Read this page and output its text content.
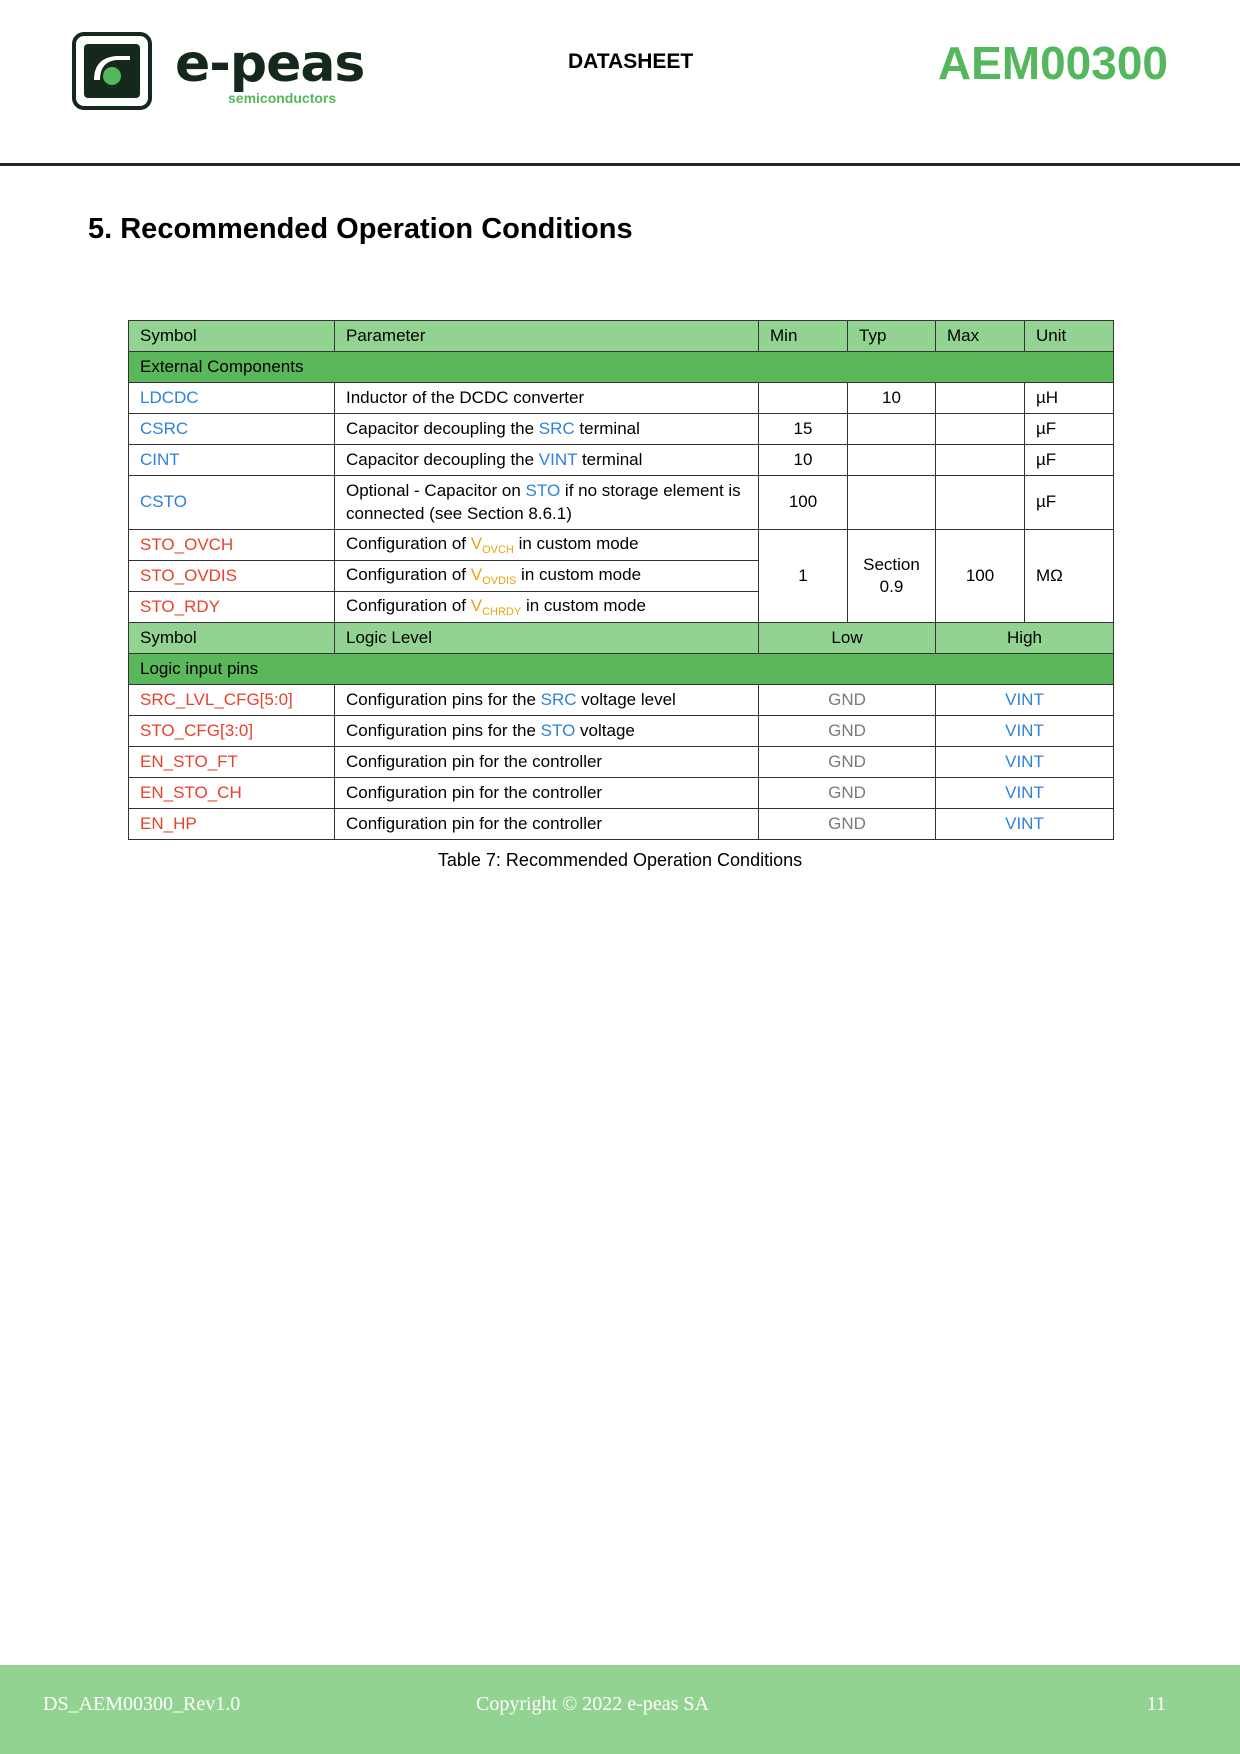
e-peas
semiconductors
DATASHEET	AEM00300
5. Recommended Operation Conditions
Symbol	Parameter	Min	Typ	Max	Unit
External Components					
LDCDC	Inductor of the DCDC converter		10		µH
CSRC	Capacitor decoupling the SRC terminal	15			µF
CINT	Capacitor decoupling the VINT terminal	10			µF
CSTO	Optional - Capacitor on STO if no storage element is connected (see Section 8.6.1)	100			µF
STO_OVCH	Configuration of $V_{OVCH}$ in custom mode	1	Section 0.9	100	MΩ
STO_OVDIS	Configuration of $V_{OVDIS}$ in custom mode				
STO_RDY	Configuration of $V_{CHRDY}$ in custom mode				
Symbol	Logic Level	Low		High	
Logic input pins					
SRC_LVL_CFG[5:0]	Configuration pins for the SRC voltage level	GND		VINT	
STO_CFG[3:0]	Configuration pins for the STO voltage	GND		VINT	
EN_STO_FT	Configuration pin for the controller	GND		VINT	
EN_STO_CH	Configuration pin for the controller	GND		VINT	
EN_HP	Configuration pin for the controller	GND		VINT	
Table 7: Recommended Operation Conditions
DS_AEM00300_Rev1.0	Copyright © 2022 e-peas SA	11
